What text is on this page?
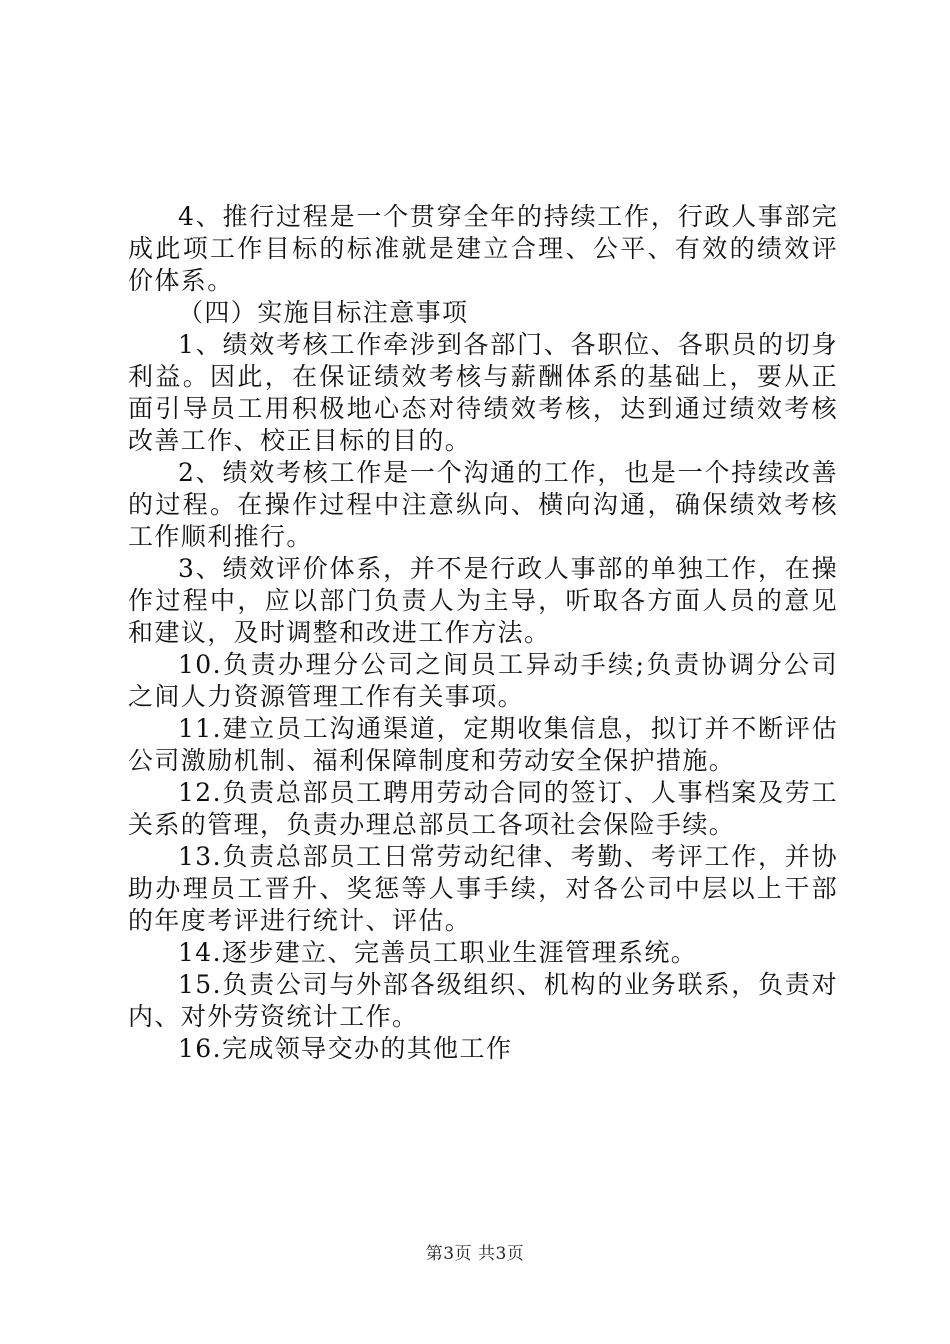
4、推行过程是一个贯穿全年的持续工作，行政人事部完成此项工作目标的标准就是建立合理、公平、有效的绩效评价体系。

（四）实施目标注意事项

1、绩效考核工作牵涉到各部门、各职位、各职员的切身利益。因此，在保证绩效考核与薪酬体系的基础上，要从正面引导员工用积极地心态对待绩效考核，达到通过绩效考核改善工作、校正目标的目的。

2、绩效考核工作是一个沟通的工作，也是一个持续改善的过程。在操作过程中注意纵向、横向沟通，确保绩效考核工作顺利推行。

3、绩效评价体系，并不是行政人事部的单独工作，在操作过程中，应以部门负责人为主导，听取各方面人员的意见和建议，及时调整和改进工作方法。

10.负责办理分公司之间员工异动手续;负责协调分公司之间人力资源管理工作有关事项。

11.建立员工沟通渠道，定期收集信息，拟订并不断评估公司激励机制、福利保障制度和劳动安全保护措施。

12.负责总部员工聘用劳动合同的签订、人事档案及劳工关系的管理，负责办理总部员工各项社会保险手续。

13.负责总部员工日常劳动纪律、考勤、考评工作，并协助办理员工晋升、奖惩等人事手续，对各公司中层以上干部的年度考评进行统计、评估。

14.逐步建立、完善员工职业生涯管理系统。

15.负责公司与外部各级组织、机构的业务联系，负责对内、对外劳资统计工作。

16.完成领导交办的其他工作

第3页 共3页
